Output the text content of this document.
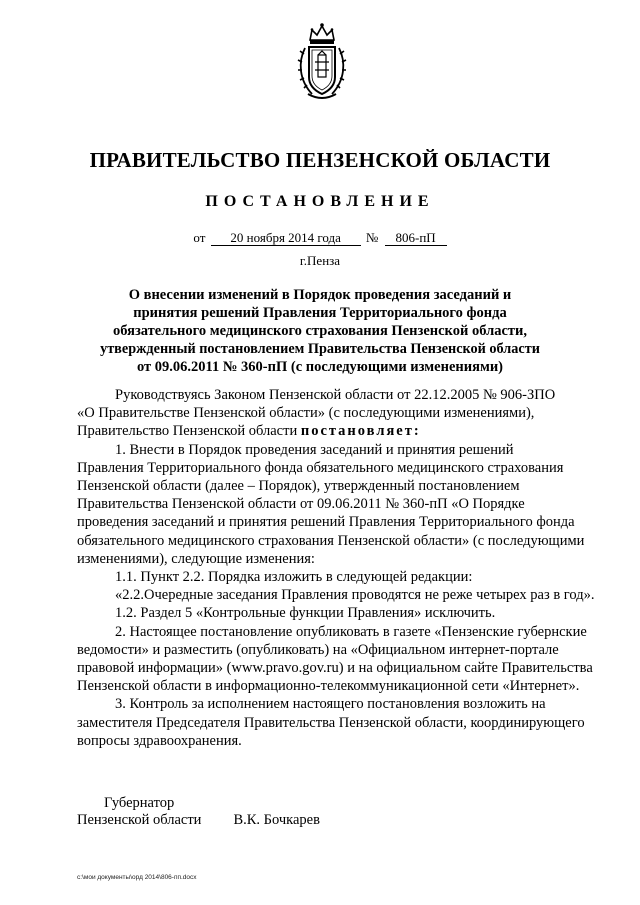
ПРАВИТЕЛЬСТВО ПЕНЗЕНСКОЙ ОБЛАСТИ
ПОСТАНОВЛЕНИЕ
от 20 ноября 2014 года № 806-пП
г.Пенза
О внесении изменений в Порядок проведения заседаний и
принятия решений Правления Территориального фонда
обязательного медицинского страхования Пензенской области,
утвержденный постановлением Правительства Пензенской области
от 09.06.2011 № 360-пП (с последующими изменениями)
Руководствуясь Законом Пензенской области от 22.12.2005 № 906-ЗПО
«О Правительстве Пензенской области» (с последующими изменениями),
Правительство Пензенской области
постановляет:
1. Внести в Порядок проведения заседаний и принятия решений
Правления Территориального фонда обязательного медицинского страхования
Пензенской области (далее – Порядок), утвержденный постановлением
Правительства Пензенской области от 09.06.2011 № 360-пП «О Порядке
проведения заседаний и принятия решений Правления Территориального фонда
обязательного медицинского страхования Пензенской области» (с последующими
изменениями), следующие изменения:
1.1. Пункт 2.2. Порядка изложить в следующей редакции:
«2.2.Очередные заседания Правления проводятся не реже четырех раз в год».
1.2. Раздел 5 «Контрольные функции Правления» исключить.
2. Настоящее постановление опубликовать в газете «Пензенские губернские
ведомости» и разместить (опубликовать) на «Официальном интернет-портале
правовой информации» (www.pravo.gov.ru) и на официальном сайте Правительства
Пензенской области в информационно-телекоммуникационной сети «Интернет».
3. Контроль за исполнением настоящего постановления возложить на
заместителя Председателя Правительства Пензенской области, координирующего
вопросы здравоохранения.
Губернатор
Пензенской области В.К. Бочкарев
c:\мои документы\орд 2014\806-пп.docx
